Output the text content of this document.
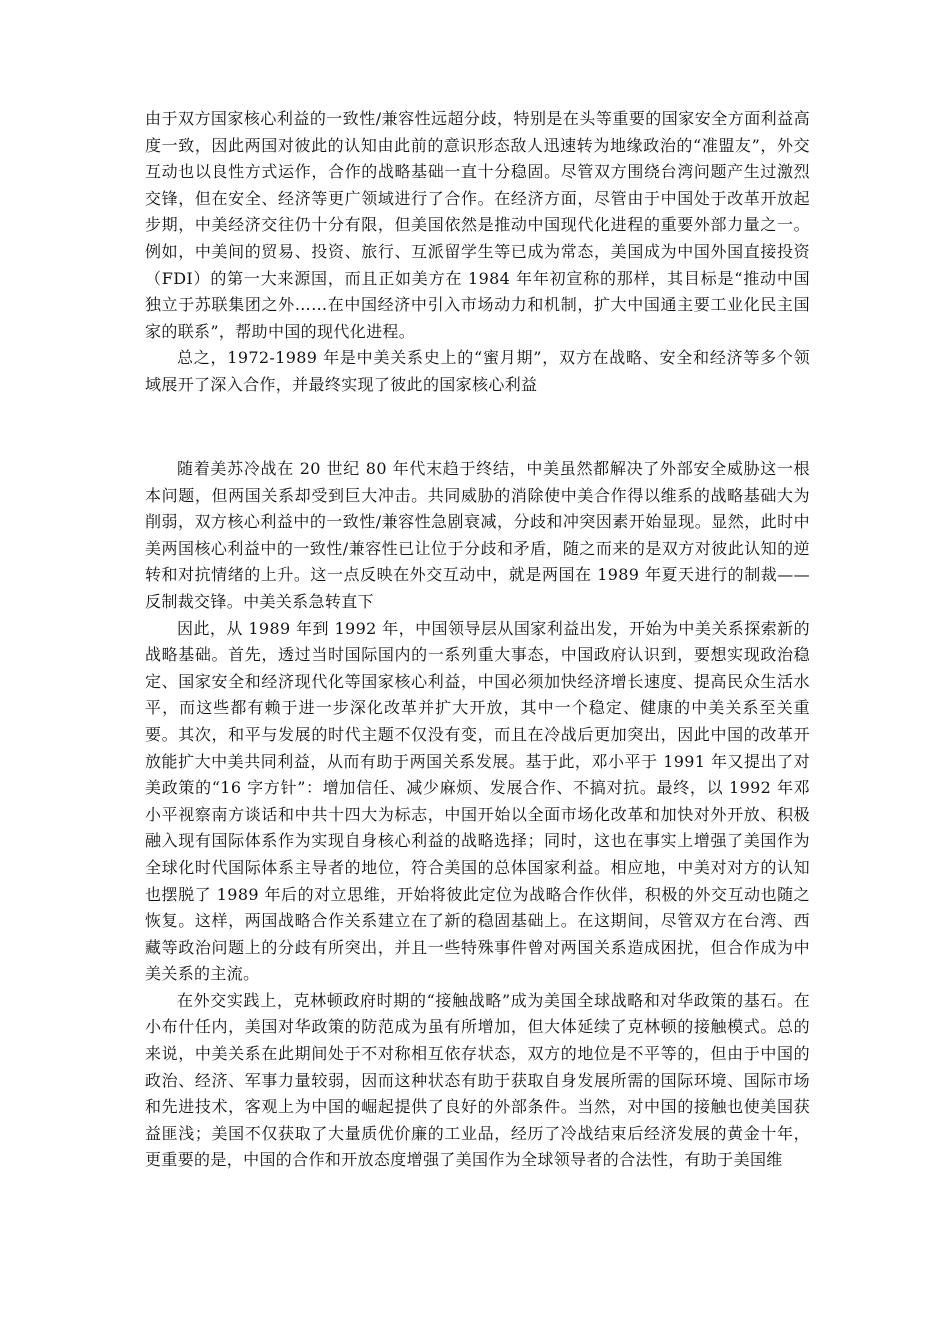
由于双方国家核心利益的一致性/兼容性远超分歧，特别是在头等重要的国家安全方面利益高度一致，因此两国对彼此的认知由此前的意识形态敌人迅速转为地缘政治的“准盟友”，外交互动也以良性方式运作，合作的战略基础一直十分稳固。尽管双方围绕台湾问题产生过激烈交锋，但在安全、经济等更广领域进行了合作。在经济方面，尽管由于中国处于改革开放起步期，中美经济交往仍十分有限，但美国依然是推动中国现代化进程的重要外部力量之一。例如，中美间的贸易、投资、旅行、互派留学生等已成为常态，美国成为中国外国直接投资（FDI）的第一大来源国，而且正如美方在 1984 年年初宣称的那样，其目标是“推动中国独立于苏联集团之外……在中国经济中引入市场动力和机制，扩大中国通主要工业化民主国家的联系”，帮助中国的现代化进程。

总之，1972-1989 年是中美关系史上的“蜜月期”，双方在战略、安全和经济等多个领域展开了深入合作，并最终实现了彼此的国家核心利益

随着美苏冷战在 20 世纪 80 年代末趋于终结，中美虽然都解决了外部安全威胁这一根本问题，但两国关系却受到巨大冲击。共同威胁的消除使中美合作得以维系的战略基础大为削弱，双方核心利益中的一致性/兼容性急剧衰减，分歧和冲突因素开始显现。显然，此时中美两国核心利益中的一致性/兼容性已让位于分歧和矛盾，随之而来的是双方对彼此认知的逆转和对抗情绪的上升。这一点反映在外交互动中，就是两国在 1989 年夏天进行的制裁——反制裁交锋。中美关系急转直下

因此，从 1989 年到 1992 年，中国领导层从国家利益出发，开始为中美关系探索新的战略基础。首先，透过当时国际国内的一系列重大事态，中国政府认识到，要想实现政治稳定、国家安全和经济现代化等国家核心利益，中国必须加快经济增长速度、提高民众生活水平，而这些都有赖于进一步深化改革并扩大开放，其中一个稳定、健康的中美关系至关重要。其次，和平与发展的时代主题不仅没有变，而且在冷战后更加突出，因此中国的改革开放能扩大中美共同利益，从而有助于两国关系发展。基于此，邓小平于 1991 年又提出了对美政策的“16 字方针”：增加信任、减少麻烦、发展合作、不搞对抗。最终，以 1992 年邓小平视察南方谈话和中共十四大为标志，中国开始以全面市场化改革和加快对外开放、积极融入现有国际体系作为实现自身核心利益的战略选择；同时，这也在事实上增强了美国作为全球化时代国际体系主导者的地位，符合美国的总体国家利益。相应地，中美对对方的认知也摆脱了 1989 年后的对立思维，开始将彼此定位为战略合作伙伴，积极的外交互动也随之恢复。这样，两国战略合作关系建立在了新的稳固基础上。在这期间，尽管双方在台湾、西藏等政治问题上的分歧有所突出，并且一些特殊事件曾对两国关系造成困扰，但合作成为中美关系的主流。

在外交实践上，克林顿政府时期的“接触战略”成为美国全球战略和对华政策的基石。在小布什任内，美国对华政策的防范成为虽有所增加，但大体延续了克林顿的接触模式。总的来说，中美关系在此期间处于不对称相互依存状态，双方的地位是不平等的，但由于中国的政治、经济、军事力量较弱，因而这种状态有助于获取自身发展所需的国际环境、国际市场和先进技术，客观上为中国的崛起提供了良好的外部条件。当然，对中国的接触也使美国获益匪浅；美国不仅获取了大量质优价廉的工业品，经历了冷战结束后经济发展的黄金十年，更重要的是，中国的合作和开放态度增强了美国作为全球领导者的合法性，有助于美国维
